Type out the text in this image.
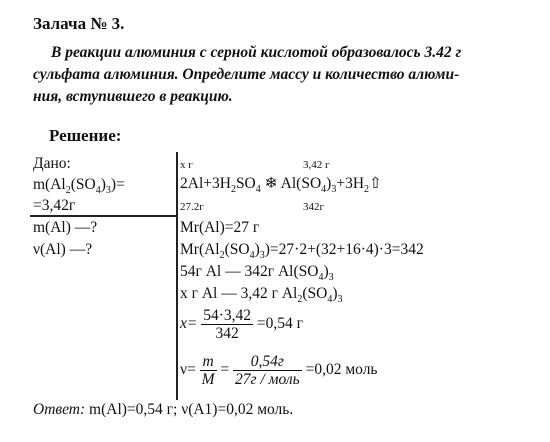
Залача № 3.

В реакции алюминия с серной кислотой образовалось 3.42 г

сульфата алюминия. Определите массу и количество алюми-

ния, вступившего в реакцию.

Решение:
Дано:
$m(Al_2(SO_4)_3)=$
=3,42г
m(Al) —?
ν(Al) —?
x г	3,42 г
$2Al+3H_2SO_4$ ❄ $Al(SO_4)_3+3H_2⇧$
27.2г	342г
Mr(Al)=27 г
$Mr(Al_2(SO_4)_3)=27\cdot 2+(32+16\cdot 4)\cdot 3=342$
54г Al — 342г $Al(SO_4)_3$
x г Al — 3,42 г $Al_2(SO_4)_3$
$x= \frac{54\cdot 3,42}{342} =0,54$ г
$\nu= \frac{m}{M} = \frac{0,54г}{\text{27г / моль}} =0,02$ моль
Ответ: m(Al)=0,54 г; ν(A1)=0,02 моль.
